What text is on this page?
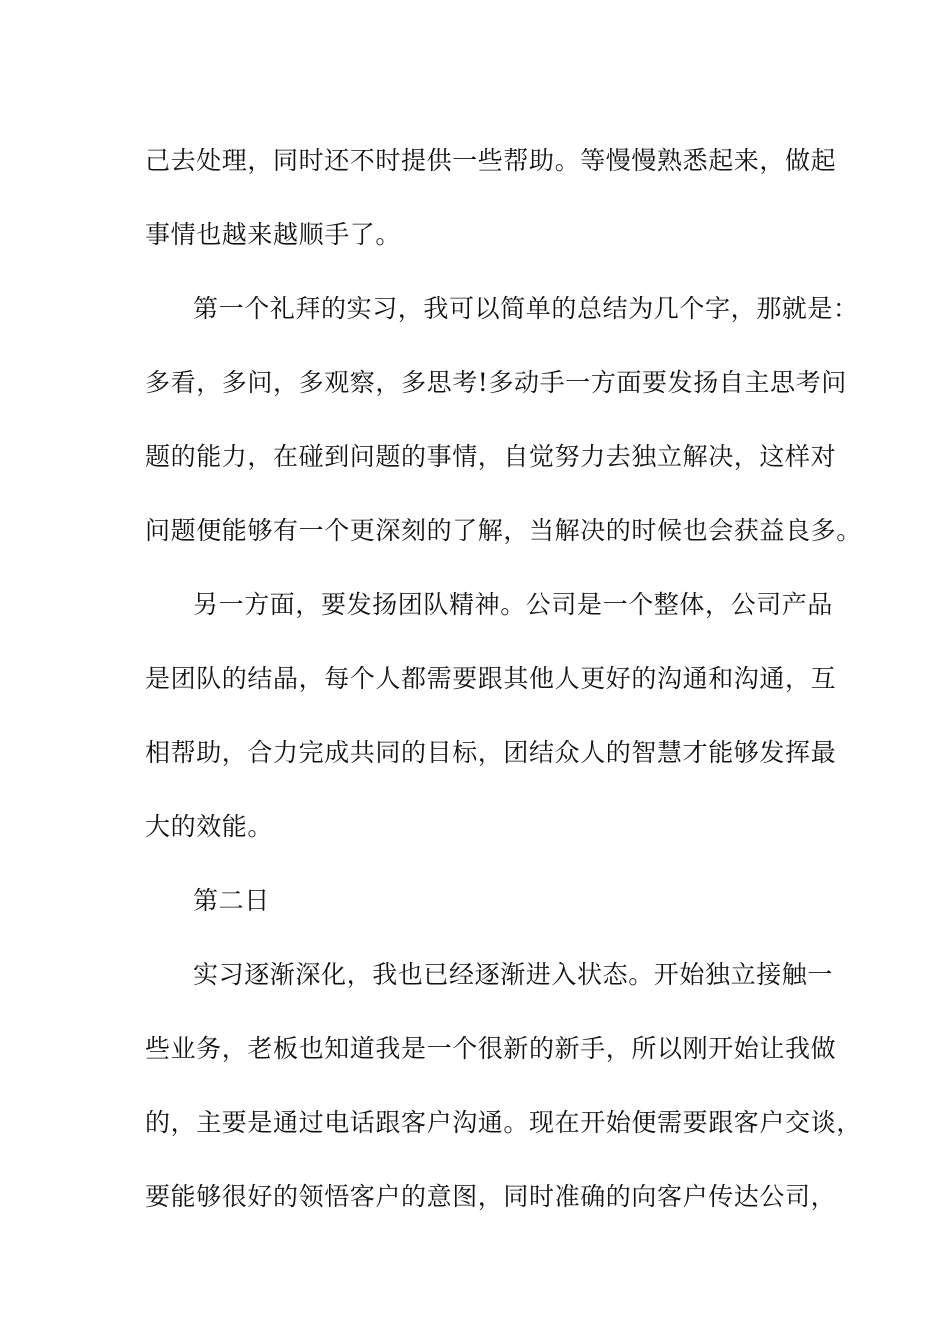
己去处理，同时还不时提供一些帮助。等慢慢熟悉起来，做起
事情也越来越顺手了。
第一个礼拜的实习，我可以简单的总结为几个字，那就是：
多看，多问，多观察，多思考!多动手一方面要发扬自主思考问
题的能力，在碰到问题的事情，自觉努力去独立解决，这样对
问题便能够有一个更深刻的了解，当解决的时候也会获益良多。
另一方面，要发扬团队精神。公司是一个整体，公司产品
是团队的结晶，每个人都需要跟其他人更好的沟通和沟通，互
相帮助，合力完成共同的目标，团结众人的智慧才能够发挥最
大的效能。
第二日
实习逐渐深化，我也已经逐渐进入状态。开始独立接触一
些业务，老板也知道我是一个很新的新手，所以刚开始让我做
的，主要是通过电话跟客户沟通。现在开始便需要跟客户交谈，
要能够很好的领悟客户的意图，同时准确的向客户传达公司，
